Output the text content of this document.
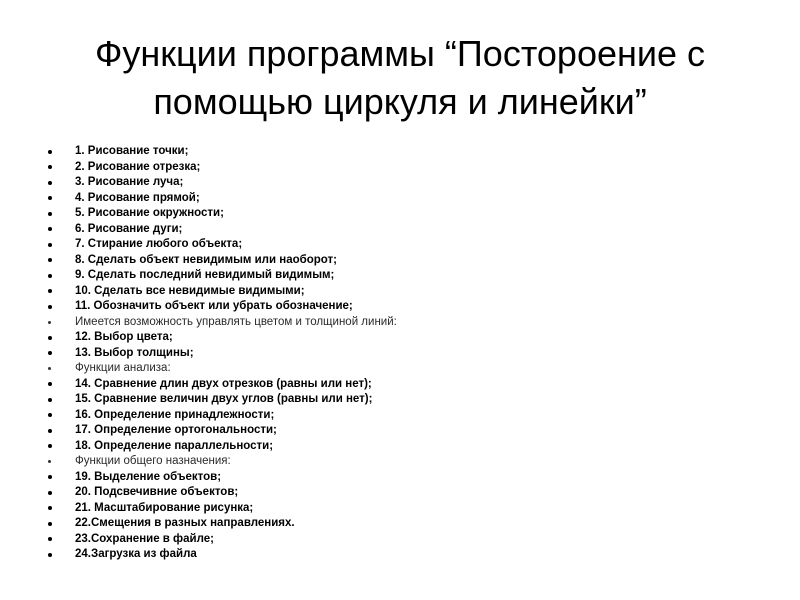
Функции программы “Постороение с
помощью циркуля и линейки”
1. Рисование точки;
2. Рисование отрезка;
3. Рисование луча;
4. Рисование прямой;
5. Рисование окружности;
6. Рисование дуги;
7. Стирание любого объекта;
8. Сделать объект невидимым или наоборот;
9. Сделать последний невидимый видимым;
10. Сделать все невидимые видимыми;
11. Обозначить объект или убрать обозначение;
Имеется возможность управлять цветом и толщиной линий:
12. Выбор цвета;
13. Выбор толщины;
Функции анализа:
14. Сравнение длин двух отрезков (равны или нет);
15. Сравнение величин двух углов (равны или нет);
16. Определение принадлежности;
17. Определение ортогональности;
18. Определение параллельности;
Функции общего назначения:
19. Выделение объектов;
20. Подсвечивние объектов;
21. Масштабирование рисунка;
22.Смещения в разных направлениях.
23.Сохранение в файле;
24.Загрузка из файла
